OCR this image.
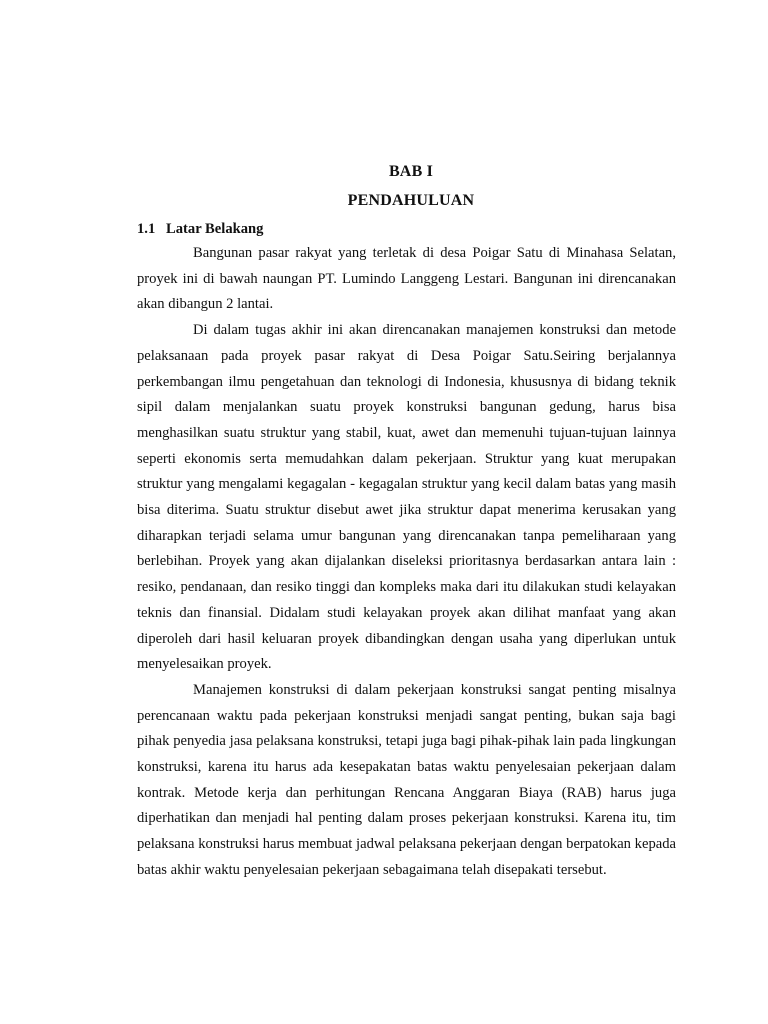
BAB I
PENDAHULUAN
1.1 Latar Belakang

Bangunan pasar rakyat yang terletak di desa Poigar Satu di Minahasa Selatan, proyek ini di bawah naungan PT. Lumindo Langgeng Lestari. Bangunan ini direncanakan akan dibangun 2 lantai.

Di dalam tugas akhir ini akan direncanakan manajemen konstruksi dan metode pelaksanaan pada proyek pasar rakyat di Desa Poigar Satu.Seiring berjalannya perkembangan ilmu pengetahuan dan teknologi di Indonesia, khususnya di bidang teknik sipil dalam menjalankan suatu proyek konstruksi bangunan gedung, harus bisa menghasilkan suatu struktur yang stabil, kuat, awet dan memenuhi tujuan-tujuan lainnya seperti ekonomis serta memudahkan dalam pekerjaan. Struktur yang kuat merupakan struktur yang mengalami kegagalan - kegagalan struktur yang kecil dalam batas yang masih bisa diterima. Suatu struktur disebut awet jika struktur dapat menerima kerusakan yang diharapkan terjadi selama umur bangunan yang direncanakan tanpa pemeliharaan yang berlebihan. Proyek yang akan dijalankan diseleksi prioritasnya berdasarkan antara lain : resiko, pendanaan, dan resiko tinggi dan kompleks maka dari itu dilakukan studi kelayakan teknis dan finansial. Didalam studi kelayakan proyek akan dilihat manfaat yang akan diperoleh dari hasil keluaran proyek dibandingkan dengan usaha yang diperlukan untuk menyelesaikan proyek.

Manajemen konstruksi di dalam pekerjaan konstruksi sangat penting misalnya perencanaan waktu pada pekerjaan konstruksi menjadi sangat penting, bukan saja bagi pihak penyedia jasa pelaksana konstruksi, tetapi juga bagi pihak-pihak lain pada lingkungan konstruksi, karena itu harus ada kesepakatan batas waktu penyelesaian pekerjaan dalam kontrak. Metode kerja dan perhitungan Rencana Anggaran Biaya (RAB) harus juga diperhatikan dan menjadi hal penting dalam proses pekerjaan konstruksi. Karena itu, tim pelaksana konstruksi harus membuat jadwal pelaksana pekerjaan dengan berpatokan kepada batas akhir waktu penyelesaian pekerjaan sebagaimana telah disepakati tersebut.
